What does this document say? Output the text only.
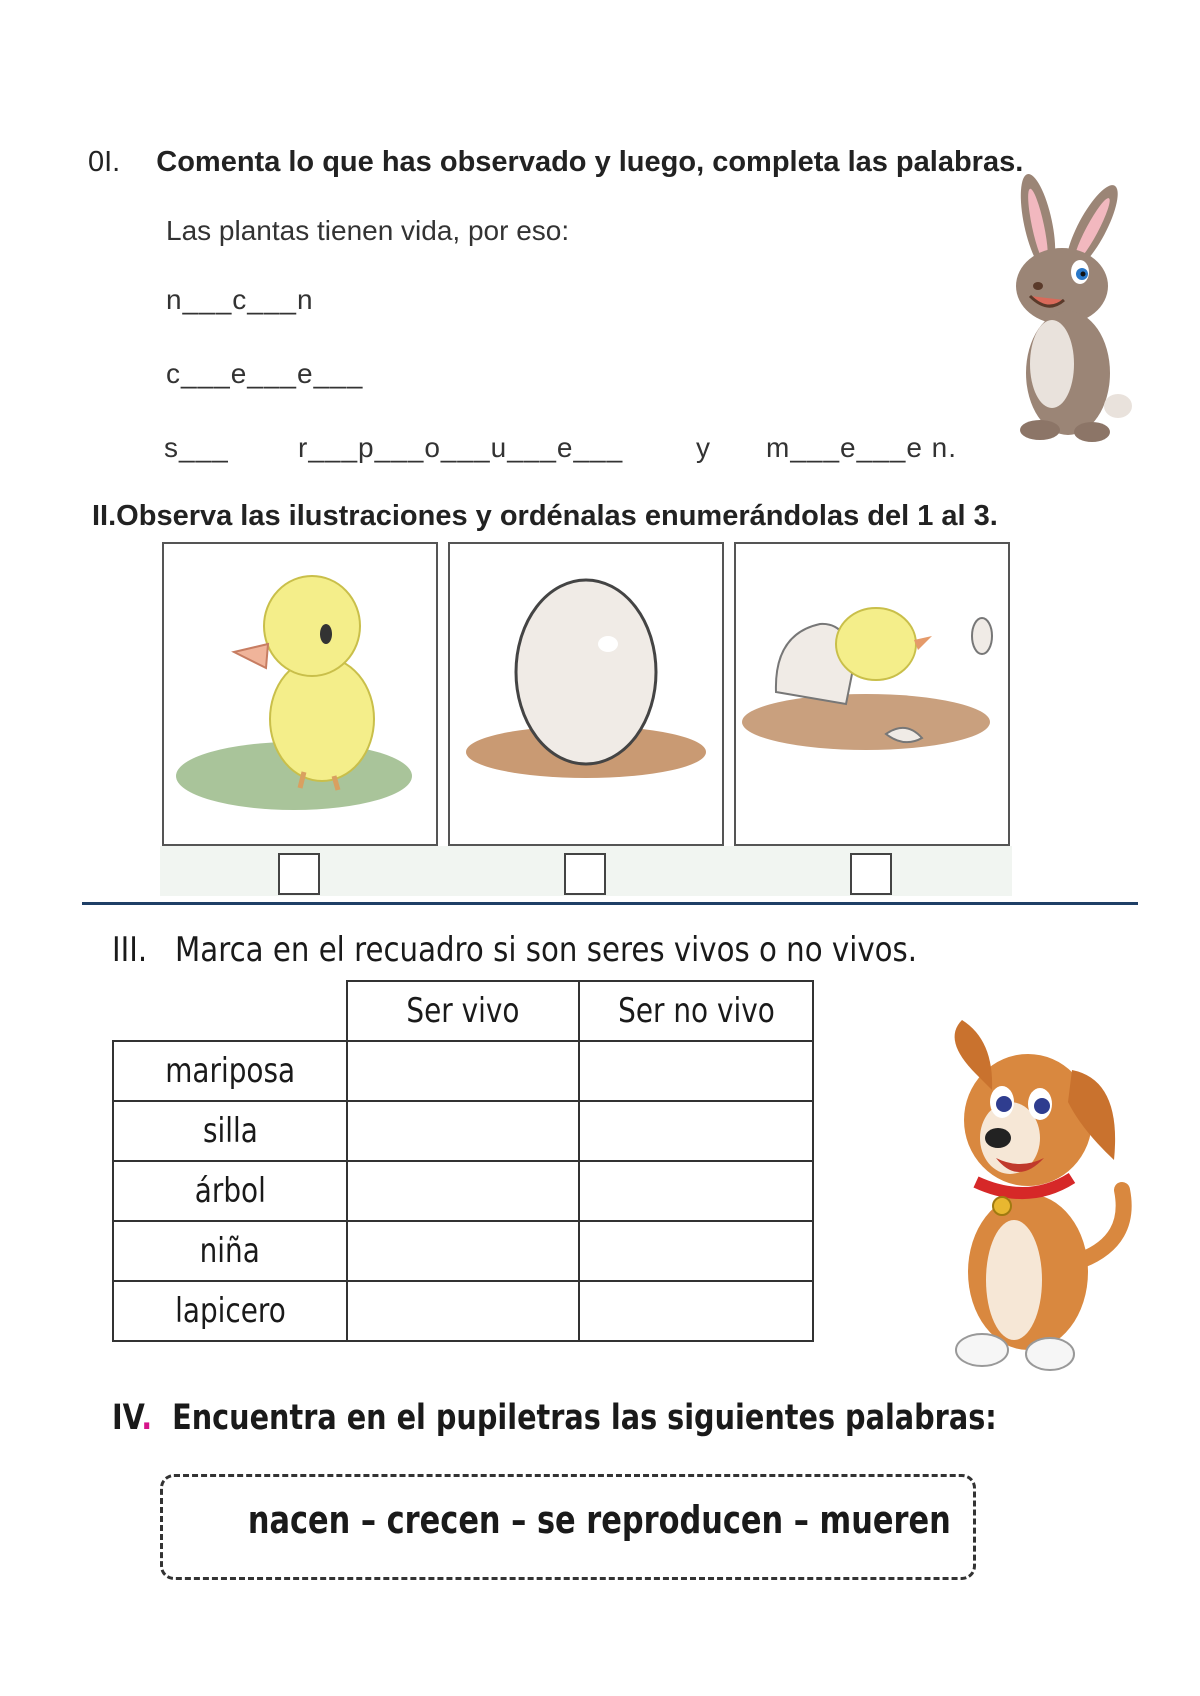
0I. Comenta lo que has observado y luego, completa las palabras.
Las plantas tienen vida, por eso:
n___c___n
c___e___e___
s___ r___p___o___u___e___	y m___e___e n.
II.Observa las ilustraciones y ordénalas enumerándolas del 1 al 3.
III. Marca en el recuadro si son seres vivos o no vivos.
	Ser vivo	Ser no vivo
mariposa		
silla		
árbol		
niña		
lapicero		
IV. Encuentra en el pupiletras las siguientes palabras:
nacen – crecen – se reproducen – mueren
